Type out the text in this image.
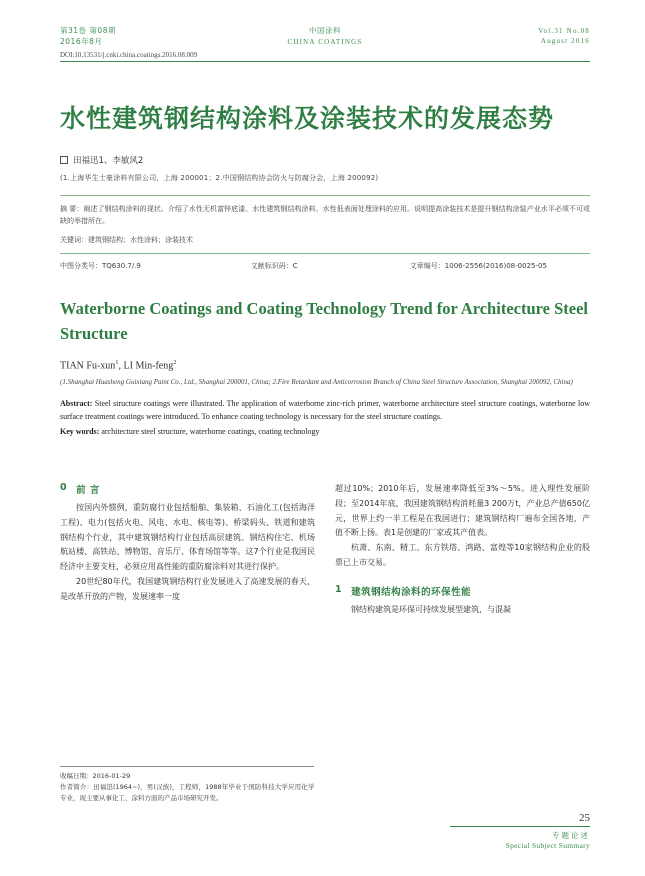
第31卷 第08期
2016年8月
中国涂料
CHINA COATINGS
Vol.31 No.08
August 2016
DOI:10.13531/j.cnki.china.coatings.2016.08.009
水性建筑钢结构涂料及涂装技术的发展态势
田福迅1、李敏风2
(1.上海华生士豪涂料有限公司，上海 200001；2.中国钢结构协会防火与防腐分会，上海 200092)
摘 要：阐述了钢结构涂料的现状。介绍了水性无机富锌底漆、水性建筑钢结构涂料、水性低表面处理涂料的应用。说明提高涂装技术是提升钢结构涂装产业水平必须不可或缺的举措所在。
关键词：建筑钢结构；水性涂料；涂装技术
中图分类号：TQ630.7/.9	文献标识码：C	文章编号：1006-2556(2016)08-0025-05
Waterborne Coatings and Coating Technology Trend for Architecture Steel Structure
TIAN Fu-xun$^1$, LI Min-feng$^2$
(1.Shanghai Huasheng Guixiang Paint Co., Ltd., Shanghai 200001, China; 2.Fire Retardant and Anticorrosion Branch of China Steel Structure Association, Shanghai 200092, China)
Abstract: Steel structure coatings were illustrated. The application of waterborne zinc-rich primer, waterborne architecture steel structure coatings, waterborne low surface treatment coatings were introduced. To enhance coating technology is necessary for the steel structure coatings.
Key words: architecture steel structure, waterborne coatings, coating technology
0 前 言
按国内外惯例，重防腐行业包括船舶、集装箱、石油化工(包括海洋工程)、电力(包括火电、风电、水电、核电等)、桥梁码头、铁道和建筑钢结构个行业，其中建筑钢结构行业包括高层建筑、钢结构住宅、机场航站楼、高铁站、博物馆、音乐厅、体育场馆等等。这7个行业是我国民经济中主要支柱，必须应用高性能的重防腐涂料对其进行保护。
20世纪80年代，我国建筑钢结构行业发展进入了高速发展的春天，是改革开放的产物，发展速率一度
超过10%；2010年后，发展速率降低至3%～5%。进入理性发展阶段；至2014年底，我国建筑钢结构消耗量3 200万t，产业总产值650亿元，世界上约一半工程是在我国进行；建筑钢结构厂遍布全国各地，产值不断上扬。表1是创建的厂家或其产值表。
杭萧、东南、精工、东方铁塔、鸿路、富煌等10家钢结构企业的股票已上市交易。
1 建筑钢结构涂料的环保性能
钢结构建筑是环保可持续发展型建筑，与混凝
收稿日期：2016-01-29
作者简介：田福迅(1964~)，男(汉族)，工程师，1988年毕业于国防科技大学应用化学专业，现主要从事化工、涂料方面的产品市场研究开发。
25
专题论述
Special Subject Summary
